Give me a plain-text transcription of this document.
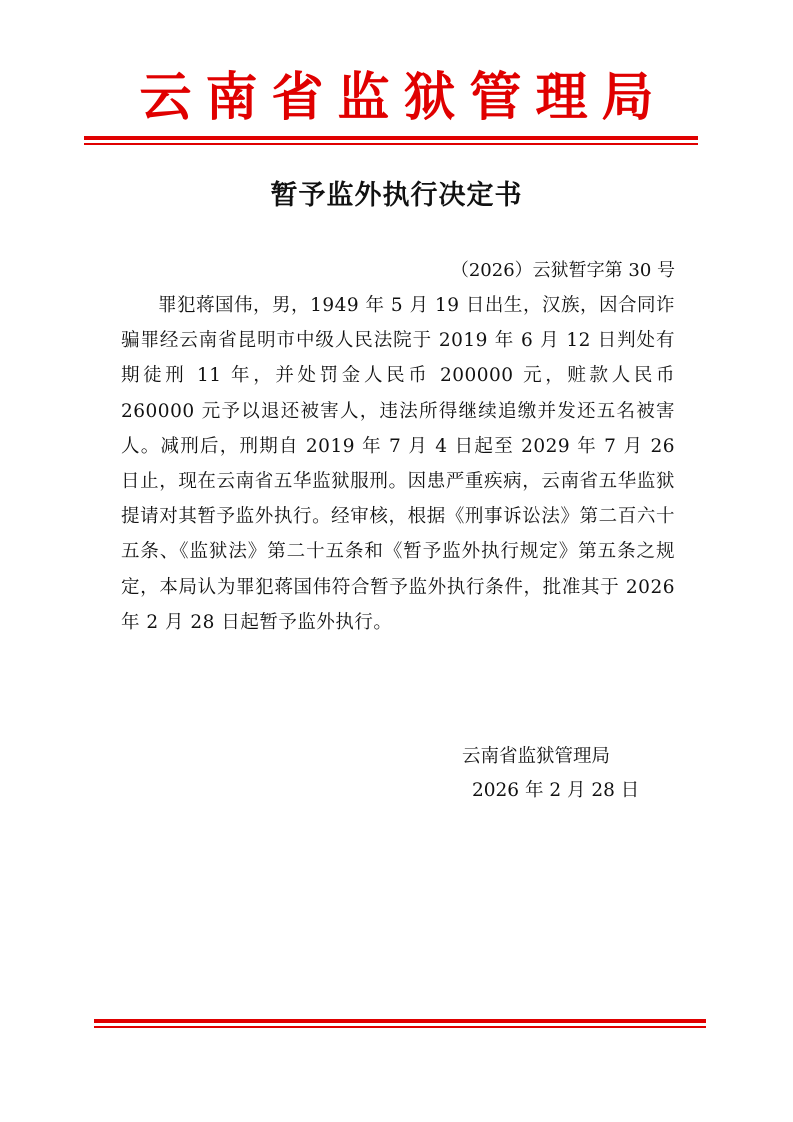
云南省监狱管理局
暂予监外执行决定书
（2026）云狱暂字第 30 号

罪犯蒋国伟，男，1949 年 5 月 19 日出生，汉族，因合同诈骗罪经云南省昆明市中级人民法院于 2019 年 6 月 12 日判处有期徒刑 11 年，并处罚金人民币 200000 元，赃款人民币 260000 元予以退还被害人，违法所得继续追缴并发还五名被害人。减刑后，刑期自 2019 年 7 月 4 日起至 2029 年 7 月 26 日止，现在云南省五华监狱服刑。因患严重疾病，云南省五华监狱提请对其暂予监外执行。经审核，根据《刑事诉讼法》第二百六十五条、《监狱法》第二十五条和《暂予监外执行规定》第五条之规定，本局认为罪犯蒋国伟符合暂予监外执行条件，批准其于 2026 年 2 月 28 日起暂予监外执行。

云南省监狱管理局
2026 年 2 月 28 日
